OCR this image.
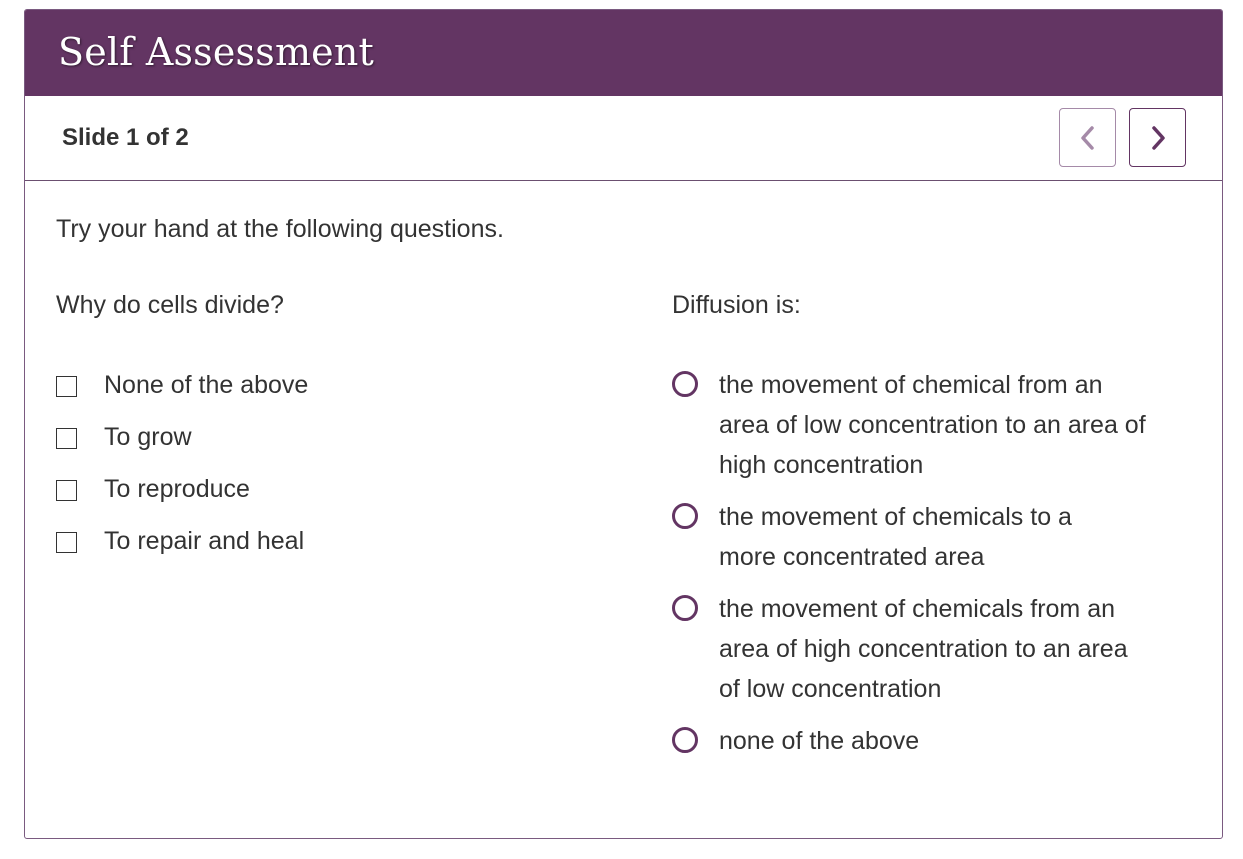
Self Assessment
Slide 1 of 2
Try your hand at the following questions.
Why do cells divide?	Diffusion is:
None of the above
To grow
To reproduce
To repair and heal
the movement of chemical from an area of low concentration to an area of high concentration
the movement of chemicals to a more concentrated area
the movement of chemicals from an area of high concentration to an area of low concentration
none of the above
